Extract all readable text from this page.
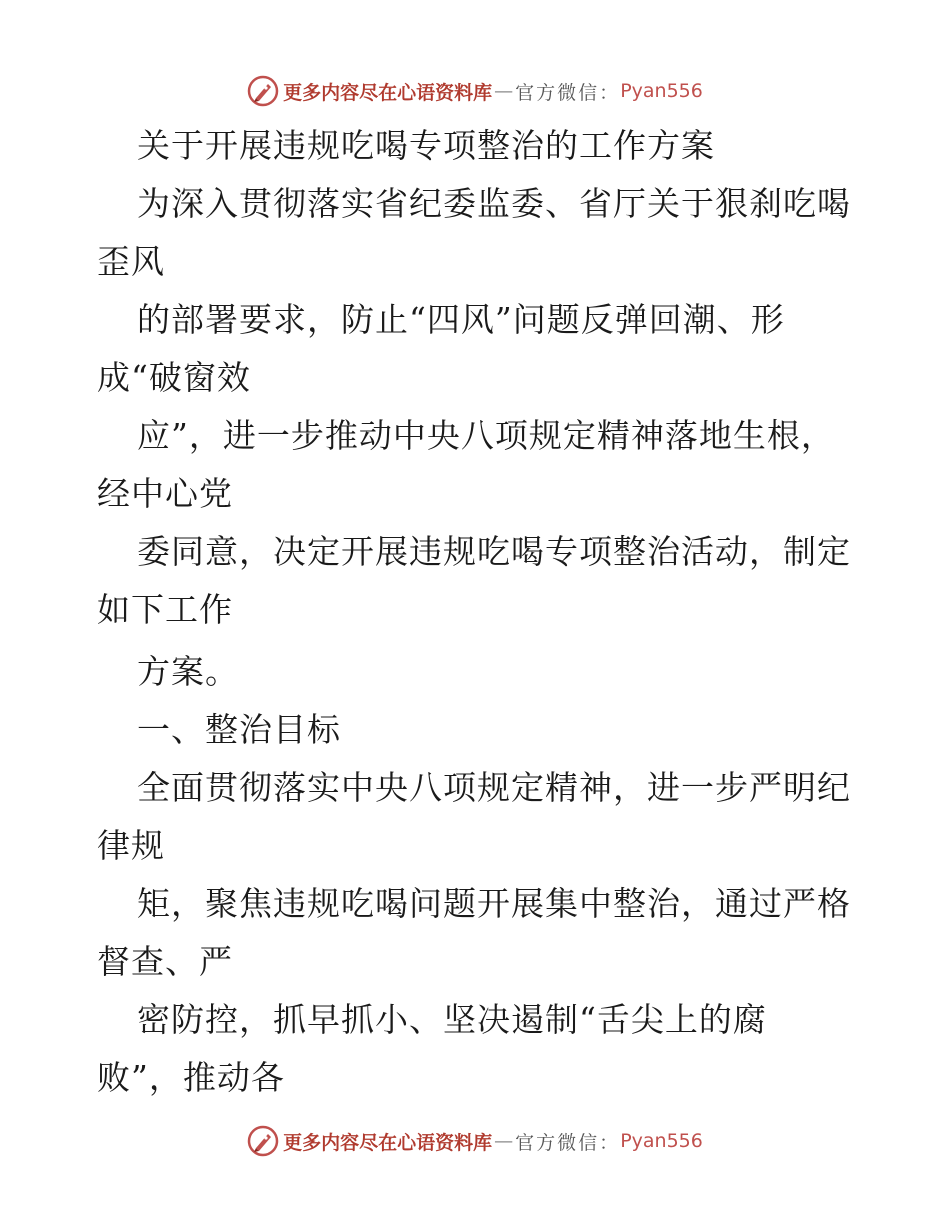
更多内容尽在心语资料库 — 官方微信： Pyan556

关于开展违规吃喝专项整治的工作方案

为深入贯彻落实省纪委监委、省厅关于狠刹吃喝

歪风

的部署要求，防止“四风”问题反弹回潮、形

成“破窗效

应”，进一步推动中央八项规定精神落地生根，

经中心党

委同意，决定开展违规吃喝专项整治活动，制定

如下工作

方案。

一、整治目标

全面贯彻落实中央八项规定精神，进一步严明纪

律规

矩，聚焦违规吃喝问题开展集中整治，通过严格

督查、严

密防控，抓早抓小、坚决遏制“舌尖上的腐

败”，推动各

更多内容尽在心语资料库 — 官方微信： Pyan556
